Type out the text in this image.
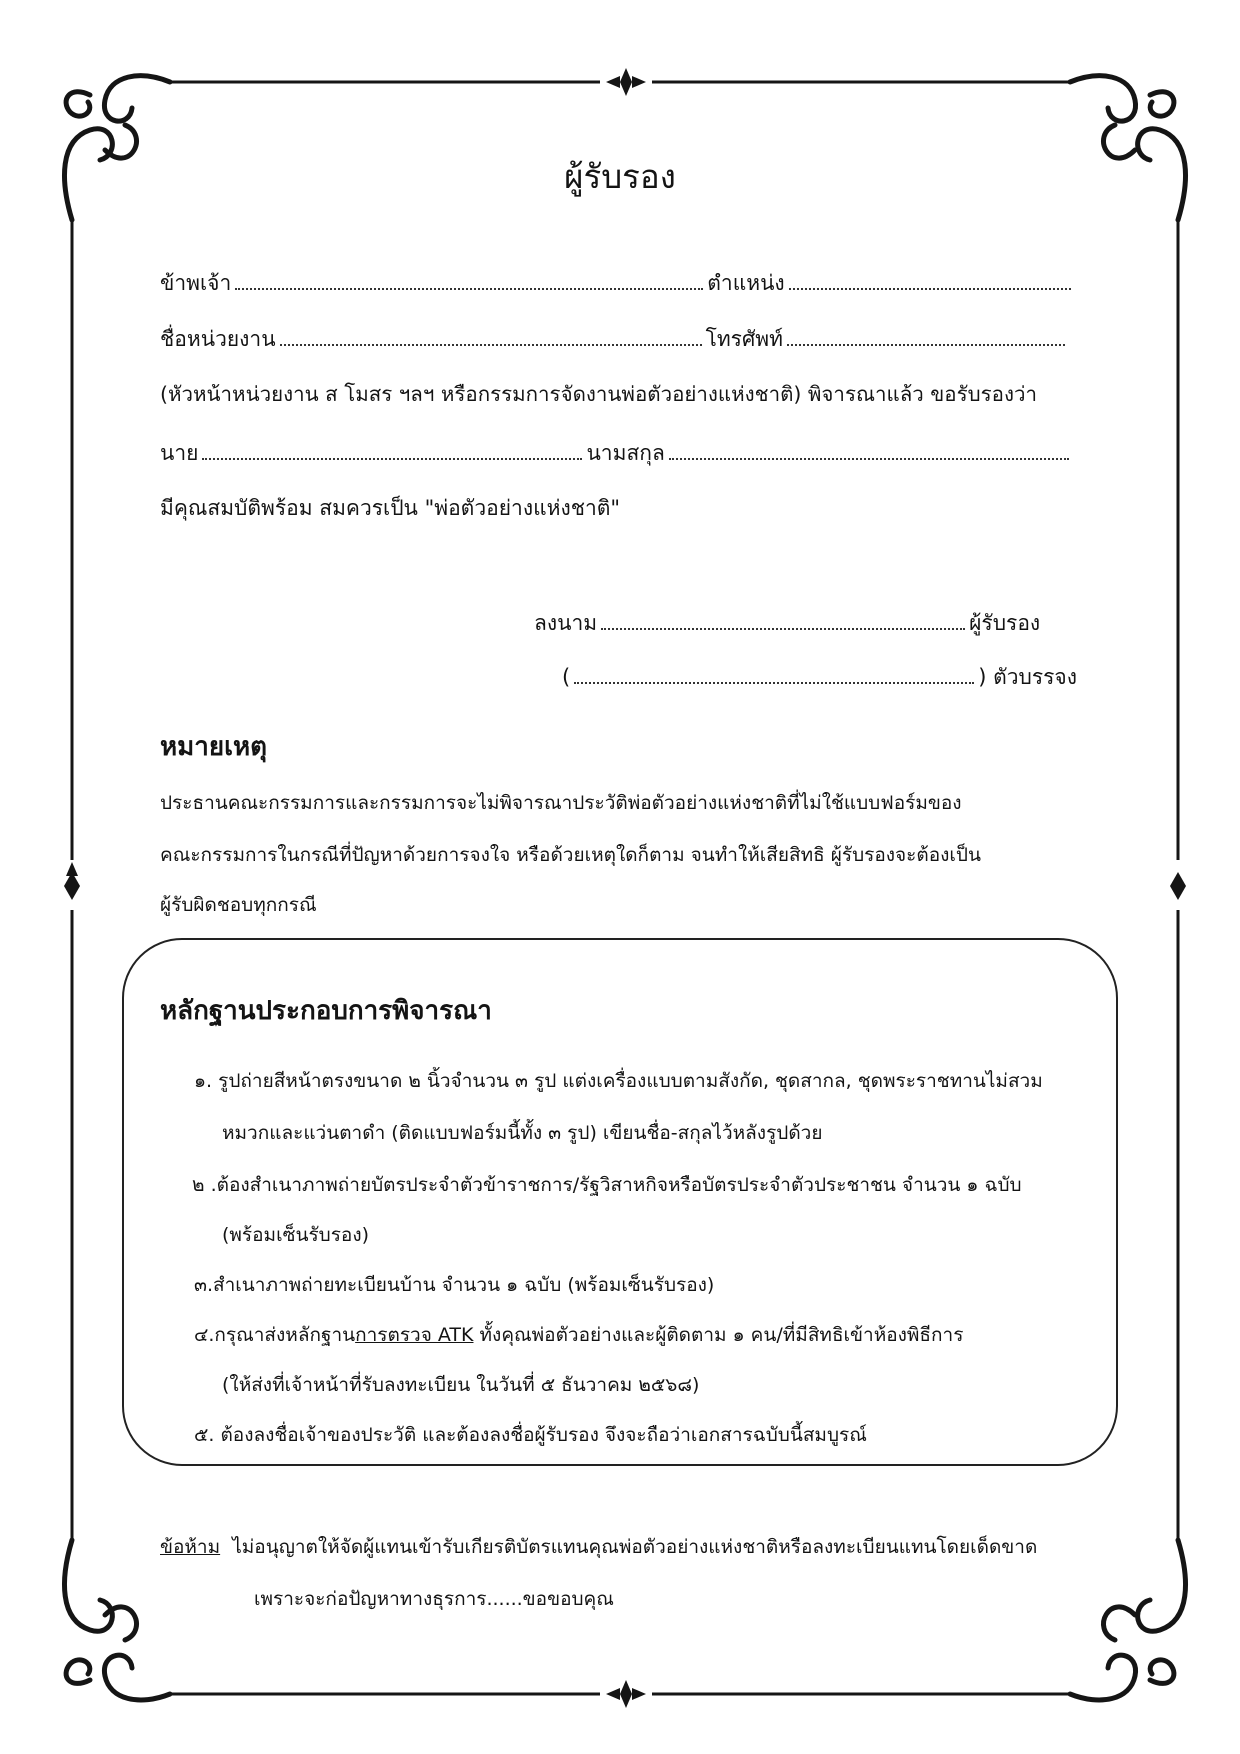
ผู้รับรอง
ข้าพเจ้า	ตำแหน่ง
ชื่อหน่วยงาน	โทรศัพท์
(หัวหน้าหน่วยงาน ส โมสร ฯลฯ หรือกรรมการจัดงานพ่อตัวอย่างแห่งชาติ) พิจารณาแล้ว ขอรับรองว่า
นาย	นามสกุล
มีคุณสมบัติพร้อม สมควรเป็น "พ่อตัวอย่างแห่งชาติ"
ลงนาม	ผู้รับรอง
(	) ตัวบรรจง
หมายเหตุ
ประธานคณะกรรมการและกรรมการจะไม่พิจารณาประวัติพ่อตัวอย่างแห่งชาติที่ไม่ใช้แบบฟอร์มของ
คณะกรรมการในกรณีที่ปัญหาด้วยการจงใจ หรือด้วยเหตุใดก็ตาม จนทำให้เสียสิทธิ ผู้รับรองจะต้องเป็น
ผู้รับผิดชอบทุกกรณี
หลักฐานประกอบการพิจารณา
๑. รูปถ่ายสีหน้าตรงขนาด ๒ นิ้วจำนวน ๓ รูป แต่งเครื่องแบบตามสังกัด, ชุดสากล, ชุดพระราชทานไม่สวม
หมวกและแว่นตาดำ (ติดแบบฟอร์มนี้ทั้ง ๓ รูป) เขียนชื่อ-สกุลไว้หลังรูปด้วย
๒ .ต้องสำเนาภาพถ่ายบัตรประจำตัวข้าราชการ/รัฐวิสาหกิจหรือบัตรประจำตัวประชาชน จำนวน ๑ ฉบับ
(พร้อมเซ็นรับรอง)
๓.สำเนาภาพถ่ายทะเบียนบ้าน จำนวน ๑ ฉบับ (พร้อมเซ็นรับรอง)
๔.กรุณาส่งหลักฐานการตรวจ ATK ทั้งคุณพ่อตัวอย่างและผู้ติดตาม ๑ คน/ที่มีสิทธิเข้าห้องพิธีการ
(ให้ส่งที่เจ้าหน้าที่รับลงทะเบียน ในวันที่ ๕ ธันวาคม ๒๕๖๘)
๕. ต้องลงชื่อเจ้าของประวัติ และต้องลงชื่อผู้รับรอง จึงจะถือว่าเอกสารฉบับนี้สมบูรณ์
ข้อห้าม ไม่อนุญาตให้จัดผู้แทนเข้ารับเกียรติบัตรแทนคุณพ่อตัวอย่างแห่งชาติหรือลงทะเบียนแทนโดยเด็ดขาด
เพราะจะก่อปัญหาทางธุรการ......ขอขอบคุณ
